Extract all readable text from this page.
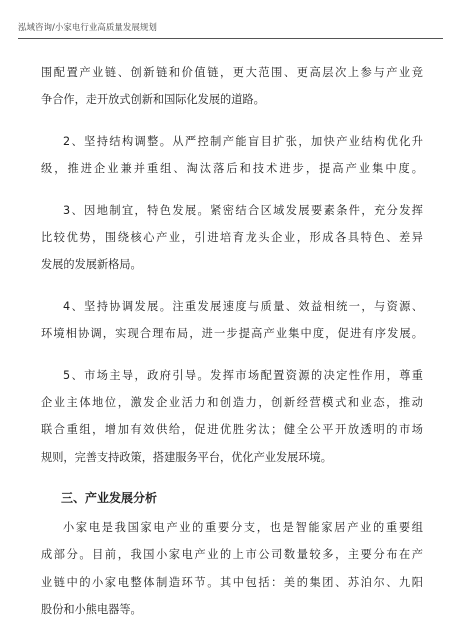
泓域咨询/小家电行业高质量发展规划
围配置产业链、创新链和价值链，更大范围、更高层次上参与产业竞
争合作，走开放式创新和国际化发展的道路。
2、坚持结构调整。从严控制产能盲目扩张，加快产业结构优化升
级，推进企业兼并重组、淘汰落后和技术进步，提高产业集中度。
3、因地制宜，特色发展。紧密结合区域发展要素条件，充分发挥
比较优势，围绕核心产业，引进培育龙头企业，形成各具特色、差异
发展的发展新格局。
4、坚持协调发展。注重发展速度与质量、效益相统一，与资源、
环境相协调，实现合理布局，进一步提高产业集中度，促进有序发展。
5、市场主导，政府引导。发挥市场配置资源的决定性作用，尊重
企业主体地位，激发企业活力和创造力，创新经营模式和业态，推动
联合重组，增加有效供给，促进优胜劣汰；健全公平开放透明的市场
规则，完善支持政策，搭建服务平台，优化产业发展环境。
三、产业发展分析
小家电是我国家电产业的重要分支，也是智能家居产业的重要组
成部分。目前，我国小家电产业的上市公司数量较多，主要分布在产
业链中的小家电整体制造环节。其中包括：美的集团、苏泊尔、九阳
股份和小熊电器等。
